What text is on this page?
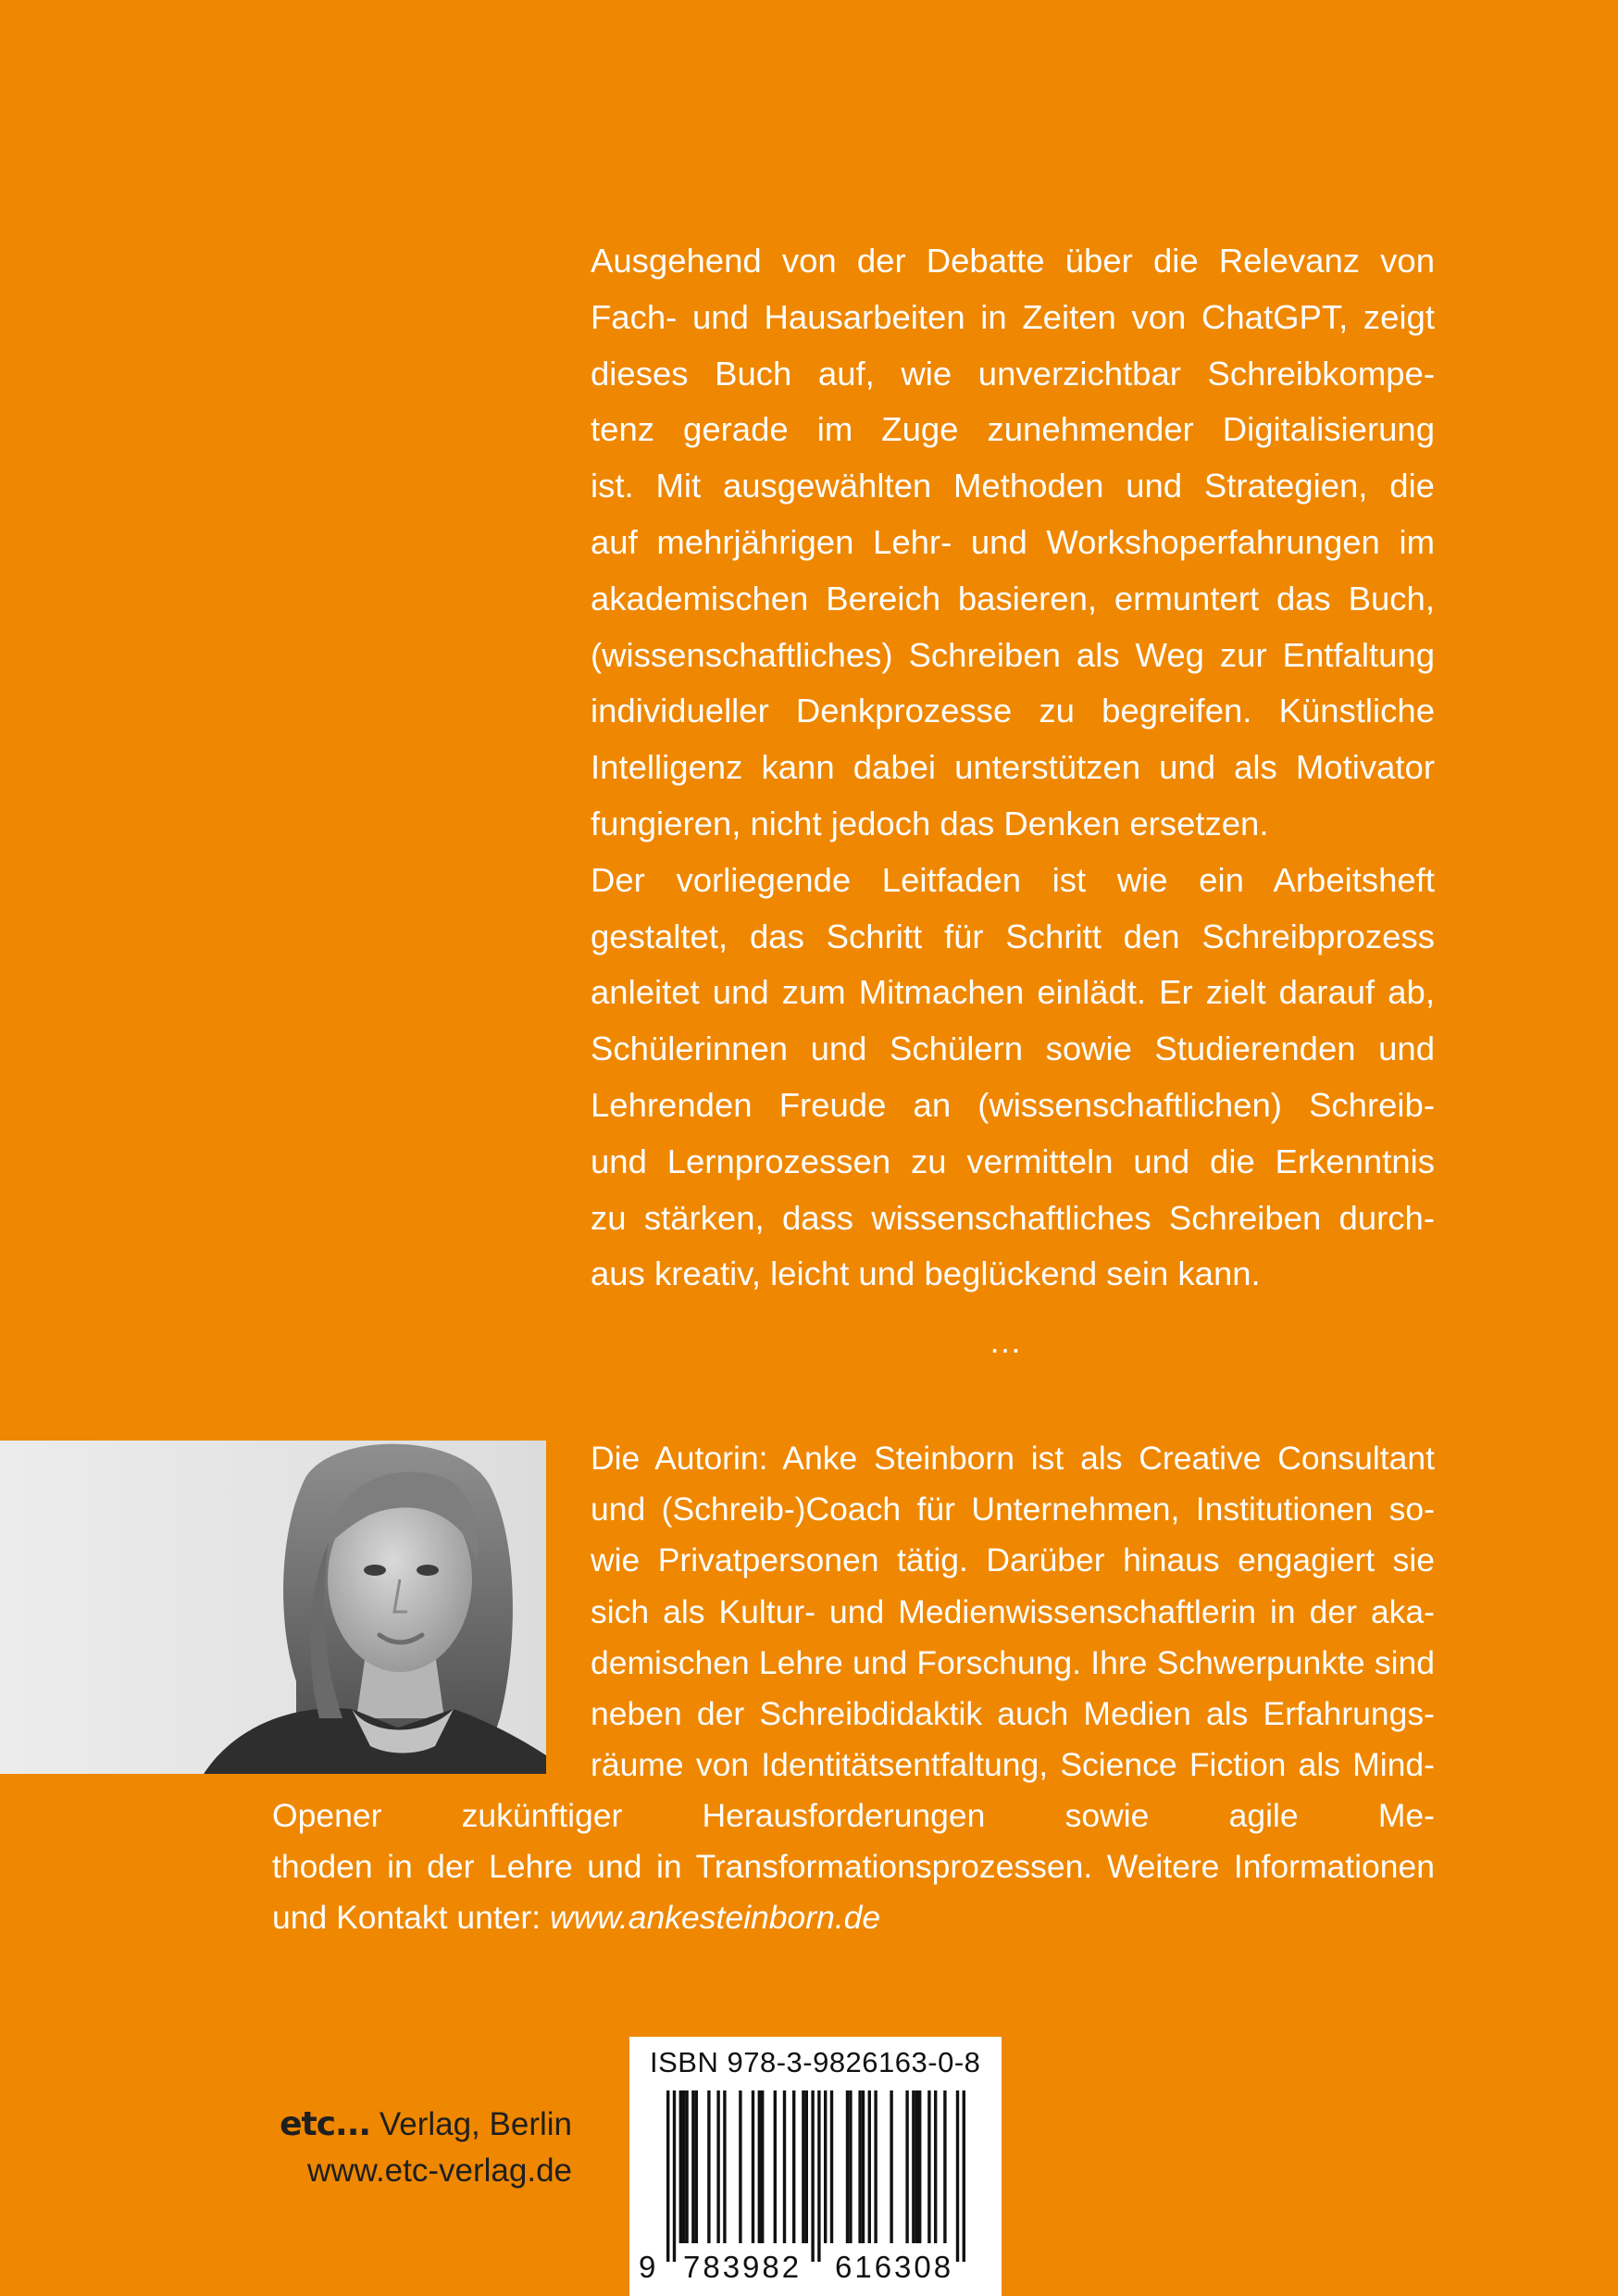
Ausgehend von der Debatte über die Relevanz von
Fach- und Hausarbeiten in Zeiten von ChatGPT, zeigt
dieses Buch auf, wie unverzichtbar Schreibkompe-
tenz gerade im Zuge zunehmender Digitalisierung
ist. Mit ausgewählten Methoden und Strategien, die
auf mehrjährigen Lehr- und Workshoperfahrungen im
akademischen Bereich basieren, ermuntert das Buch,
(wissenschaftliches) Schreiben als Weg zur Entfaltung
individueller Denkprozesse zu begreifen. Künstliche
Intelligenz kann dabei unterstützen und als Motivator
fungieren, nicht jedoch das Denken ersetzen.
Der vorliegende Leitfaden ist wie ein Arbeitsheft
gestaltet, das Schritt für Schritt den Schreibprozess
anleitet und zum Mitmachen einlädt. Er zielt darauf ab,
Schülerinnen und Schülern sowie Studierenden und
Lehrenden Freude an (wissenschaftlichen) Schreib-
und Lernprozessen zu vermitteln und die Erkenntnis
zu stärken, dass wissenschaftliches Schreiben durch-
aus kreativ, leicht und beglückend sein kann.
…
Die Autorin: Anke Steinborn ist als Creative Consultant
und (Schreib-)Coach für Unternehmen, Institutionen so-
wie Privatpersonen tätig. Darüber hinaus engagiert sie
sich als Kultur- und Medienwissenschaftlerin in der aka-
demischen Lehre und Forschung. Ihre Schwerpunkte sind
neben der Schreibdidaktik auch Medien als Erfahrungs-
räume von Identitätsentfaltung, Science Fiction als Mind-
Opener zukünftiger Herausforderungen sowie agile Me-
thoden in der Lehre und in Transformationsprozessen. Weitere Informationen
und Kontakt unter: www.ankesteinborn.de
etc... Verlag, Berlin
www.etc-verlag.de
ISBN 978-3-9826163-0-8
9 783982 616308
